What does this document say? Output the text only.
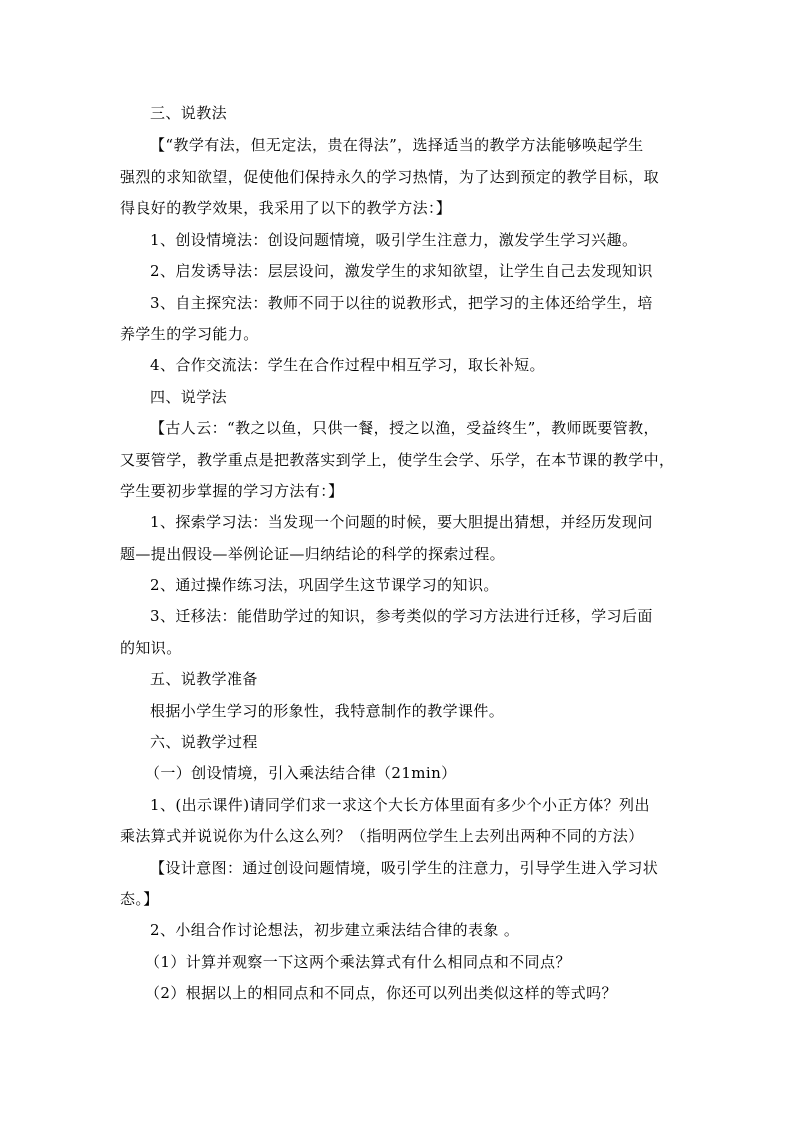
三、说教法
【“教学有法，但无定法，贵在得法”，选择适当的教学方法能够唤起学生
强烈的求知欲望，促使他们保持永久的学习热情，为了达到预定的教学目标，取
得良好的教学效果，我采用了以下的教学方法：】
1、创设情境法：创设问题情境，吸引学生注意力，激发学生学习兴趣。
2、启发诱导法：层层设问，激发学生的求知欲望，让学生自己去发现知识
3、自主探究法：教师不同于以往的说教形式，把学习的主体还给学生，培
养学生的学习能力。
4、合作交流法：学生在合作过程中相互学习，取长补短。
四、说学法
【古人云：“教之以鱼，只供一餐，授之以渔，受益终生”，教师既要管教，
又要管学，教学重点是把教落实到学上，使学生会学、乐学，在本节课的教学中，
学生要初步掌握的学习方法有：】
1、探索学习法：当发现一个问题的时候，要大胆提出猜想，并经历发现问
题—提出假设—举例论证—归纳结论的科学的探索过程。
2、通过操作练习法，巩固学生这节课学习的知识。
3、迁移法：能借助学过的知识，参考类似的学习方法进行迁移，学习后面
的知识。
五、说教学准备
根据小学生学习的形象性，我特意制作的教学课件。
六、说教学过程
（一）创设情境，引入乘法结合律（21min）
1、(出示课件)请同学们求一求这个大长方体里面有多少个小正方体？列出
乘法算式并说说你为什么这么列？（指明两位学生上去列出两种不同的方法）
【设计意图：通过创设问题情境，吸引学生的注意力，引导学生进入学习状
态。】
2、小组合作讨论想法，初步建立乘法结合律的表象 。
（1）计算并观察一下这两个乘法算式有什么相同点和不同点？
（2）根据以上的相同点和不同点，你还可以列出类似这样的等式吗？
